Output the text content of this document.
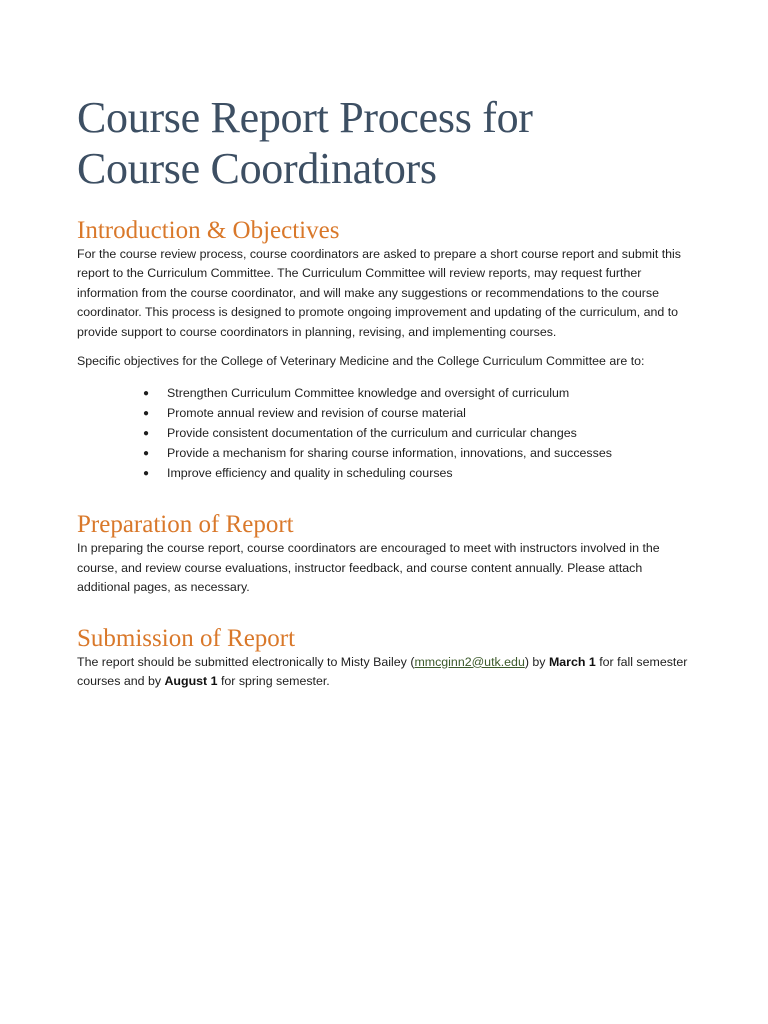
Course Report Process for
Course Coordinators
Introduction & Objectives

For the course review process, course coordinators are asked to prepare a short course report and submit this report to the Curriculum Committee. The Curriculum Committee will review reports, may request further information from the course coordinator, and will make any suggestions or recommendations to the course coordinator. This process is designed to promote ongoing improvement and updating of the curriculum, and to provide support to course coordinators in planning, revising, and implementing courses.

Specific objectives for the College of Veterinary Medicine and the College Curriculum Committee are to:

● Strengthen Curriculum Committee knowledge and oversight of curriculum
● Promote annual review and revision of course material
● Provide consistent documentation of the curriculum and curricular changes
● Provide a mechanism for sharing course information, innovations, and successes
● Improve efficiency and quality in scheduling courses
Preparation of Report

In preparing the course report, course coordinators are encouraged to meet with instructors involved in the course, and review course evaluations, instructor feedback, and course content annually. Please attach additional pages, as necessary.

Submission of Report

The report should be submitted electronically to Misty Bailey (mmcginn2@utk.edu) by March 1 for fall semester courses and by August 1 for spring semester.
